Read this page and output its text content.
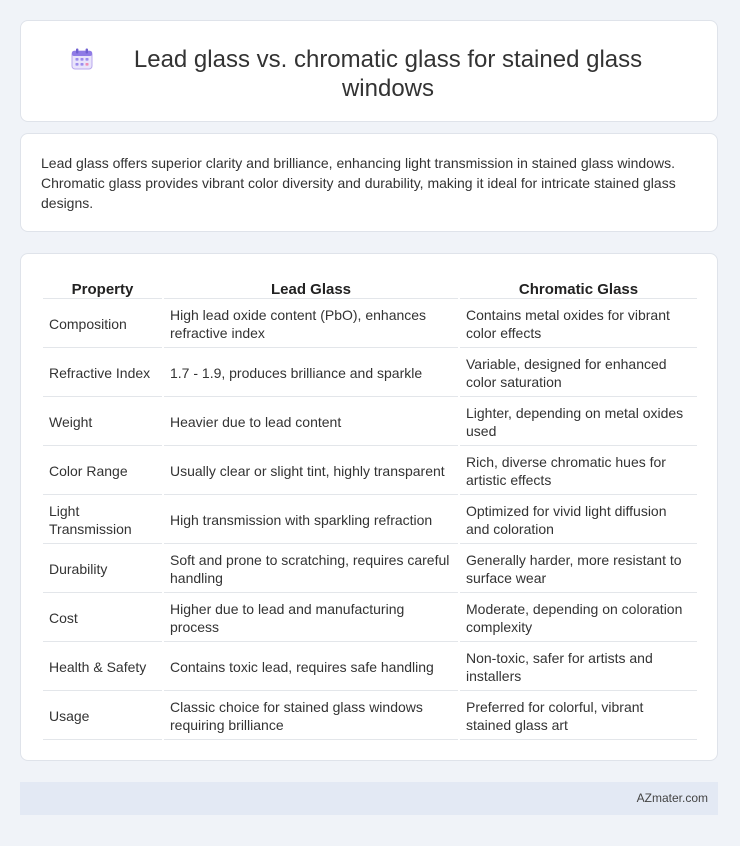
Lead glass vs. chromatic glass for stained glass windows
Lead glass offers superior clarity and brilliance, enhancing light transmission in stained glass windows. Chromatic glass provides vibrant color diversity and durability, making it ideal for intricate stained glass designs.
Property	Lead Glass	Chromatic Glass
Composition	High lead oxide content (PbO), enhances refractive index	Contains metal oxides for vibrant color effects
Refractive Index	1.7 - 1.9, produces brilliance and sparkle	Variable, designed for enhanced color saturation
Weight	Heavier due to lead content	Lighter, depending on metal oxides used
Color Range	Usually clear or slight tint, highly transparent	Rich, diverse chromatic hues for artistic effects
Light Transmission	High transmission with sparkling refraction	Optimized for vivid light diffusion and coloration
Durability	Soft and prone to scratching, requires careful handling	Generally harder, more resistant to surface wear
Cost	Higher due to lead and manufacturing process	Moderate, depending on coloration complexity
Health & Safety	Contains toxic lead, requires safe handling	Non-toxic, safer for artists and installers
Usage	Classic choice for stained glass windows requiring brilliance	Preferred for colorful, vibrant stained glass art
AZmater.com
